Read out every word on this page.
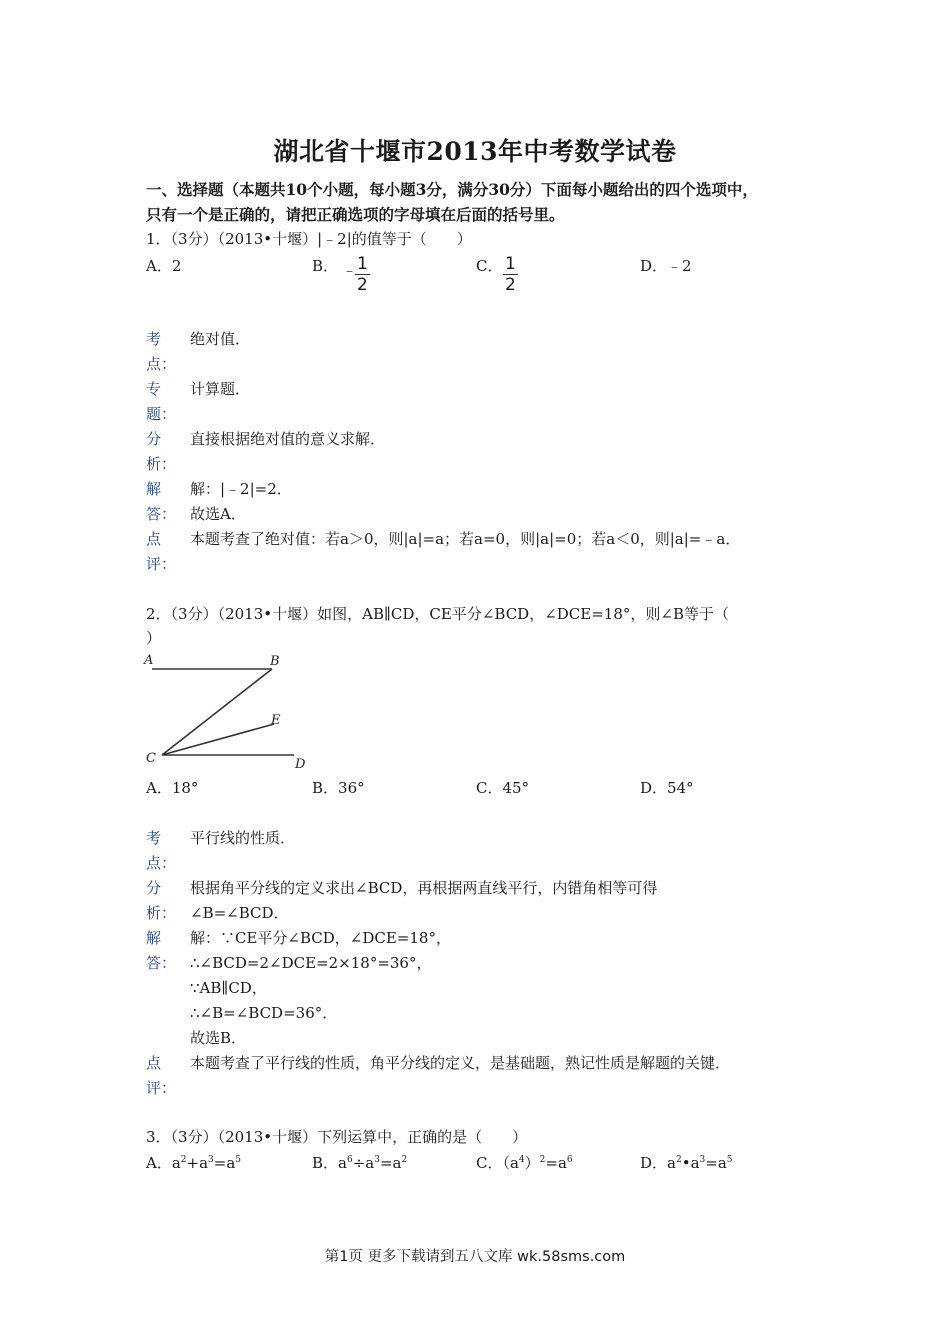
湖北省十堰市2013年中考数学试卷
一、选择题（本题共10个小题，每小题3分，满分30分）下面每小题给出的四个选项中，
只有一个是正确的，请把正确选项的字母填在后面的括号里。
1．（3分）（2013•十堰）|﹣2|的值等于（　　）
A．2	B． ﹣
$\frac{1}{2}$	C． $\frac{1}{2}$	D．﹣2
考
点：
绝对值．
专
题：
计算题．
分
析：
直接根据绝对值的意义求解．
解
答：
解：|﹣2|=2．
故选A．
点
评：
本题考查了绝对值：若a＞0，则|a|=a；若a=0，则|a|=0；若a＜0，则|a|=﹣a．
2．（3分）（2013•十堰）如图，AB∥CD，CE平分∠BCD，∠DCE=18°，则∠B等于（
）
A	B
E
C	D
A．18°	B．36°	C．45°	D．54°
考
点：
平行线的性质．
分
析：
根据角平分线的定义求出∠BCD，再根据两直线平行，内错角相等可得
∠B=∠BCD．
解
答：
解：∵CE平分∠BCD，∠DCE=18°，
∴∠BCD=2∠DCE=2×18°=36°，
∵AB∥CD，
∴∠B=∠BCD=36°．
故选B．
点
评：
本题考查了平行线的性质，角平分线的定义，是基础题，熟记性质是解题的关键．
3．（3分）（2013•十堰）下列运算中，正确的是（　　）
A．$a^2+a^3=a^5$	B．$a^6\div a^3=a^2$	C．$(a^4)^2=a^6$	D．$a^2•a^3=a^5$
第1页 更多下载请到五八文库 wk.58sms.com
